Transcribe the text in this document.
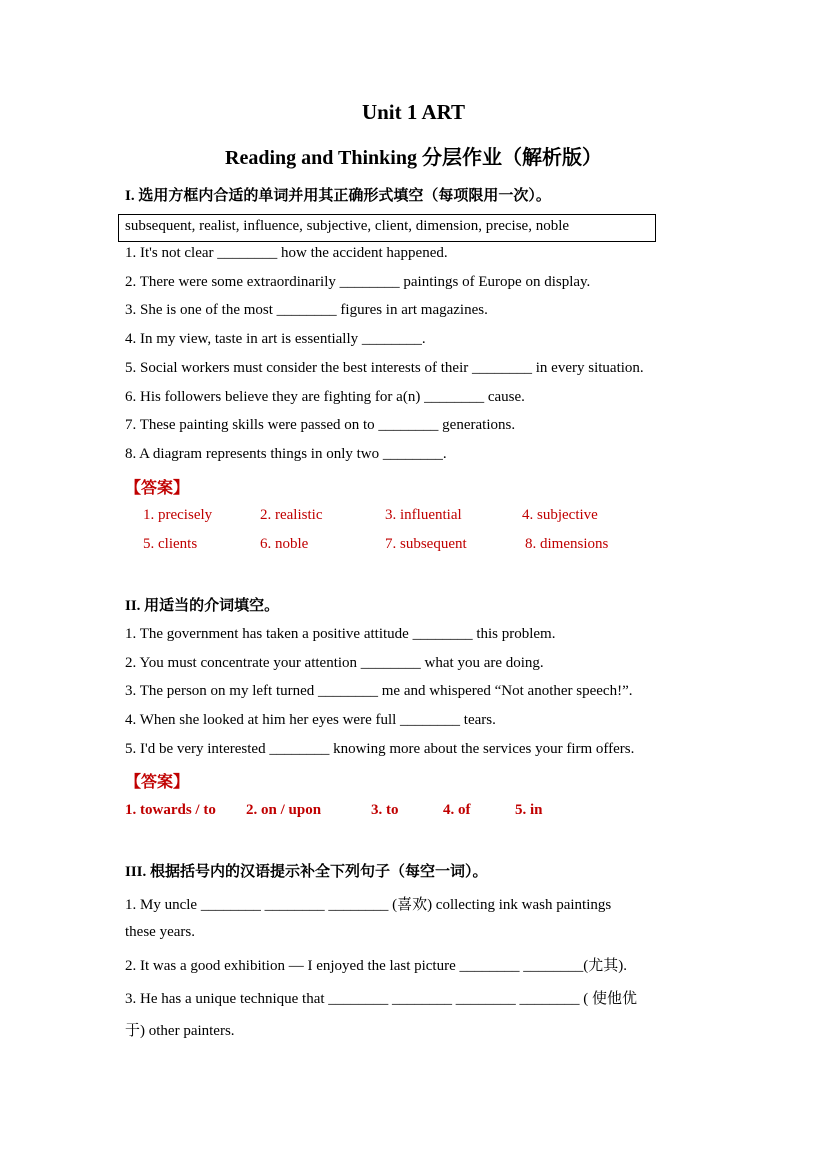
Unit 1 ART
Reading and Thinking 分层作业（解析版）
I. 选用方框内合适的单词并用其正确形式填空（每项限用一次）。
subsequent, realist, influence, subjective, client, dimension, precise, noble
1. It's not clear ________ how the accident happened.
2. There were some extraordinarily ________ paintings of Europe on display.
3. She is one of the most ________ figures in art magazines.
4. In my view, taste in art is essentially ________.
5. Social workers must consider the best interests of their ________ in every situation.
6. His followers believe they are fighting for a(n) ________ cause.
7. These painting skills were passed on to ________ generations.
8. A diagram represents things in only two ________.
【答案】
1. precisely	2. realistic	3. influential	4. subjective
5. clients	6. noble	7. subsequent	8. dimensions
II. 用适当的介词填空。
1. The government has taken a positive attitude ________ this problem.
2. You must concentrate your attention ________ what you are doing.
3. The person on my left turned ________ me and whispered “Not another speech!”.
4. When she looked at him her eyes were full ________ tears.
5. I'd be very interested ________ knowing more about the services your firm offers.
【答案】
1. towards / to 2. on / upon	3. to	4. of	5. in
III. 根据括号内的汉语提示补全下列句子（每空一词）。
1. My uncle ________ ________ ________ (喜欢) collecting ink wash paintings
these years.
2. It was a good exhibition — I enjoyed the last picture ________ ________(尤其).
3. He has a unique technique that ________ ________ ________ ________ ( 使他优
于) other painters.
